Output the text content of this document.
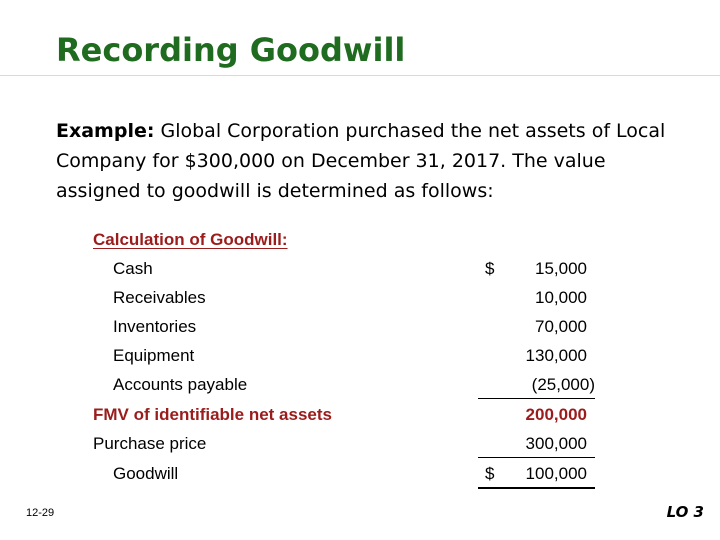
Recording Goodwill

Example: Global Corporation purchased the net assets of Local Company for $300,000 on December 31, 2017. The value assigned to goodwill is determined as follows:

Calculation of Goodwill:
Cash	$ 15,000
Receivables	10,000
Inventories	70,000
Equipment	130,000
Accounts payable	(25,000)
FMV of identifiable net assets	200,000
Purchase price	300,000
Goodwill	$ 100,000
12-29	LO 3
